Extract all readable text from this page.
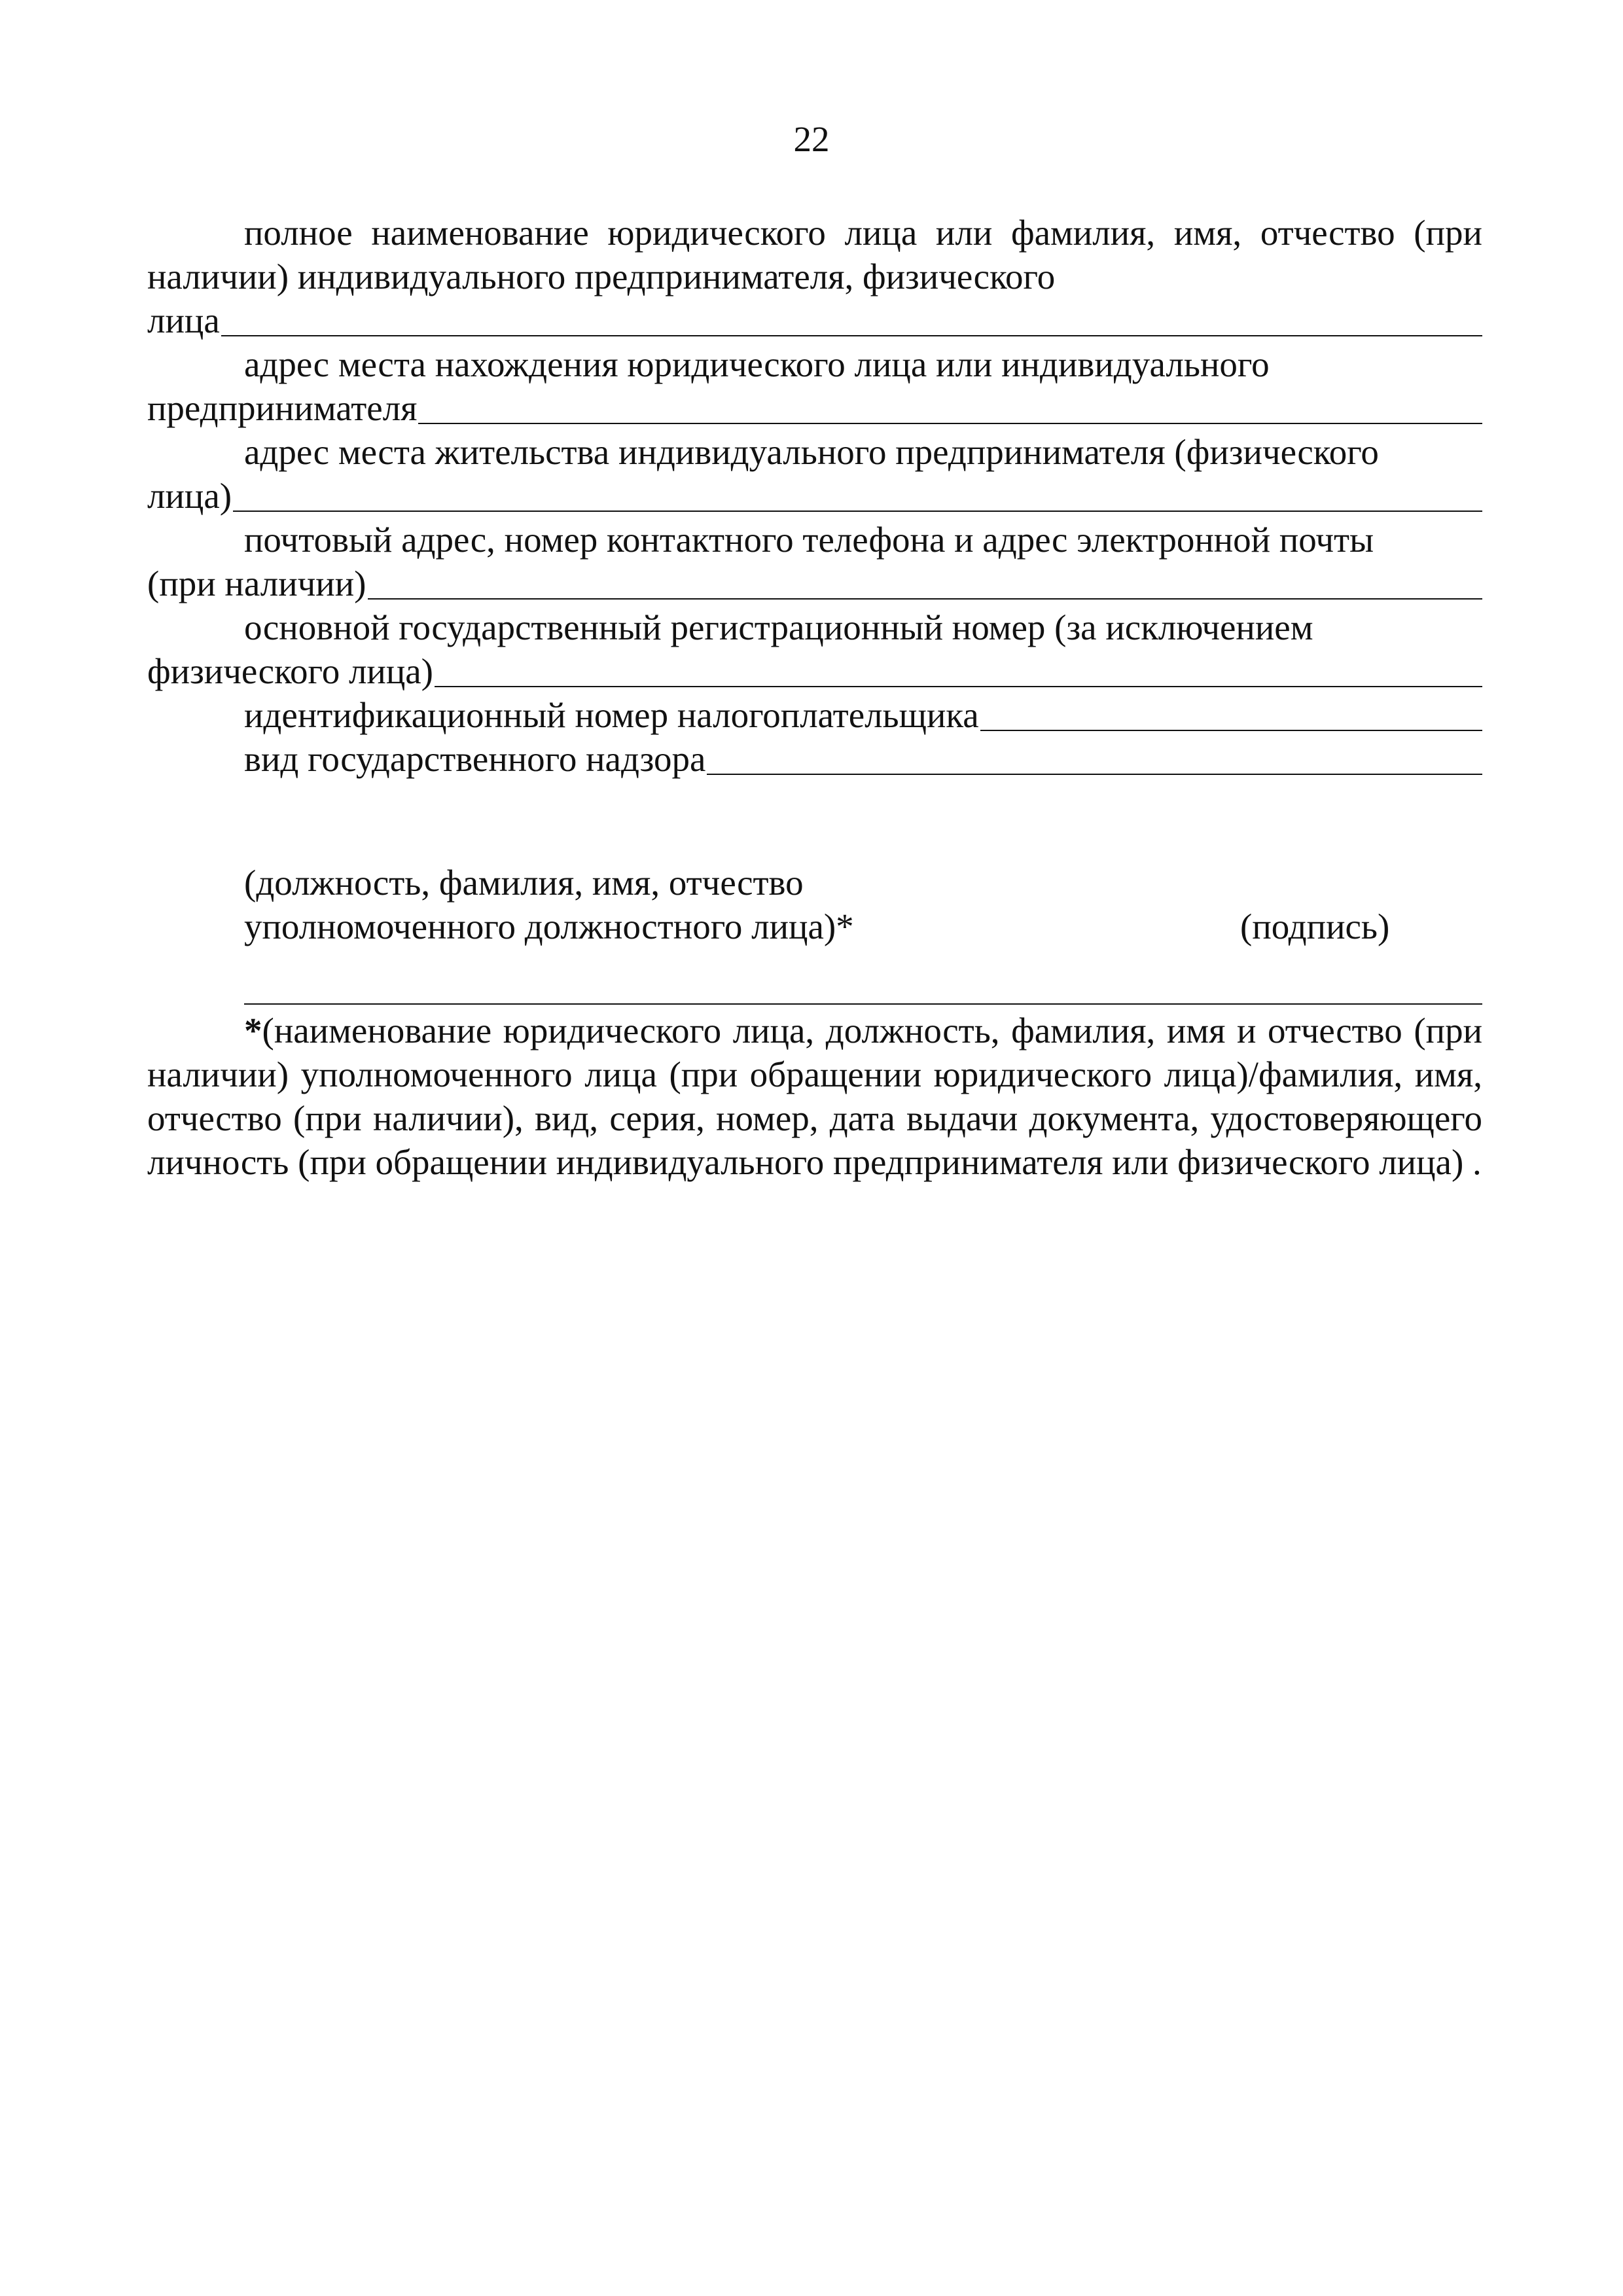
22

полное наименование юридического лица или фамилия, имя, отчество (при наличии) индивидуального предпринимателя, физического

лица

адрес места нахождения юридического лица или индивидуального

предпринимателя

адрес места жительства индивидуального предпринимателя (физического

лица)

почтовый адрес, номер контактного телефона и адрес электронной почты

(при наличии)

основной государственный регистрационный номер (за исключением

физического лица)
идентификационный номер налогоплательщика
вид государственного надзора
(должность, фамилия, имя, отчество
уполномоченного должностного лица)*	(подпись)

*(наименование юридического лица, должность, фамилия, имя и отчество (при наличии) уполномоченного лица (при обращении юридического лица)/фамилия, имя, отчество (при наличии), вид, серия, номер, дата выдачи документа, удостоверяющего личность (при обращении индивидуального предпринимателя или физического лица) .
